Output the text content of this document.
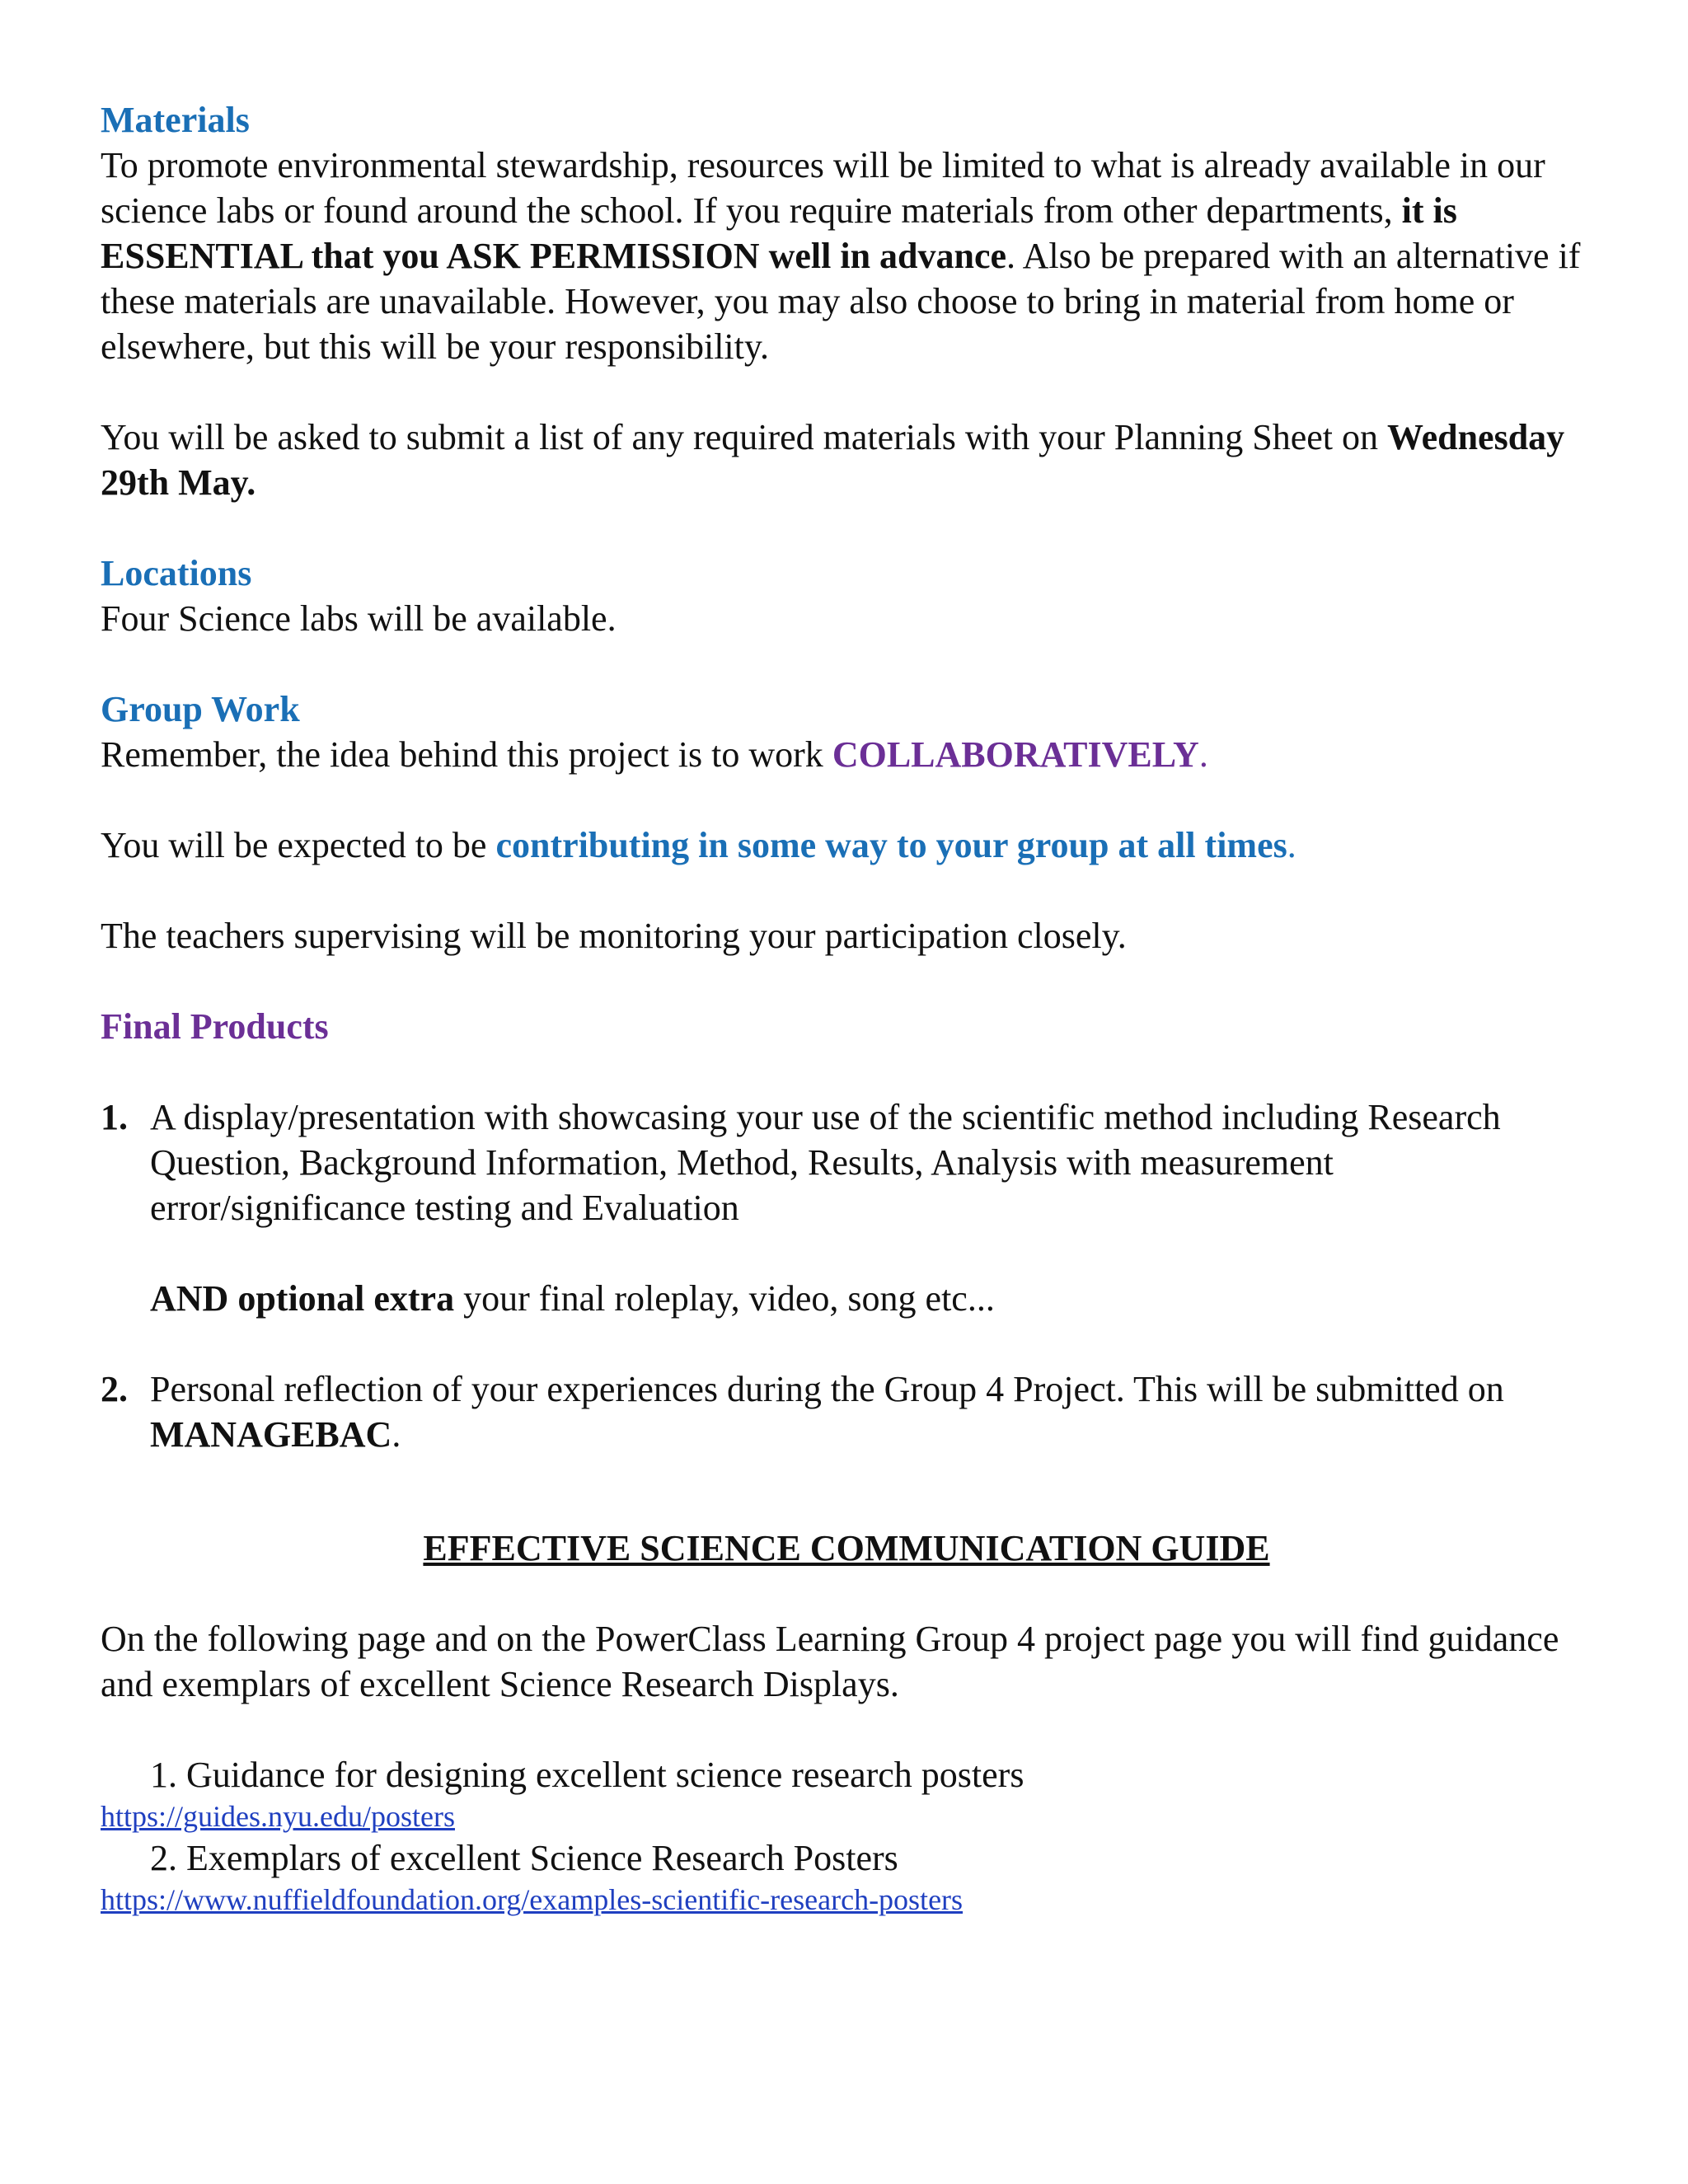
Materials

To promote environmental stewardship, resources will be limited to what is already available in our science labs or found around the school. If you require materials from other departments, it is ESSENTIAL that you ASK PERMISSION well in advance. Also be prepared with an alternative if these materials are unavailable. However, you may also choose to bring in material from home or elsewhere, but this will be your responsibility.

You will be asked to submit a list of any required materials with your Planning Sheet on Wednesday 29th May.

Locations

Four Science labs will be available.

Group Work

Remember, the idea behind this project is to work COLLABORATIVELY.

You will be expected to be contributing in some way to your group at all times.

The teachers supervising will be monitoring your participation closely.

Final Products
1. A display/presentation with showcasing your use of the scientific method including Research Question, Background Information, Method, Results, Analysis with measurement error/significance testing and Evaluation

AND optional extra your final roleplay, video, song etc...

2. Personal reflection of your experiences during the Group 4 Project. This will be submitted on MANAGEBAC.

EFFECTIVE SCIENCE COMMUNICATION GUIDE

On the following page and on the PowerClass Learning Group 4 project page you will find guidance and exemplars of excellent Science Research Displays.

1. Guidance for designing excellent science research posters

https://guides.nyu.edu/posters

2. Exemplars of excellent Science Research Posters

https://www.nuffieldfoundation.org/examples-scientific-research-posters
